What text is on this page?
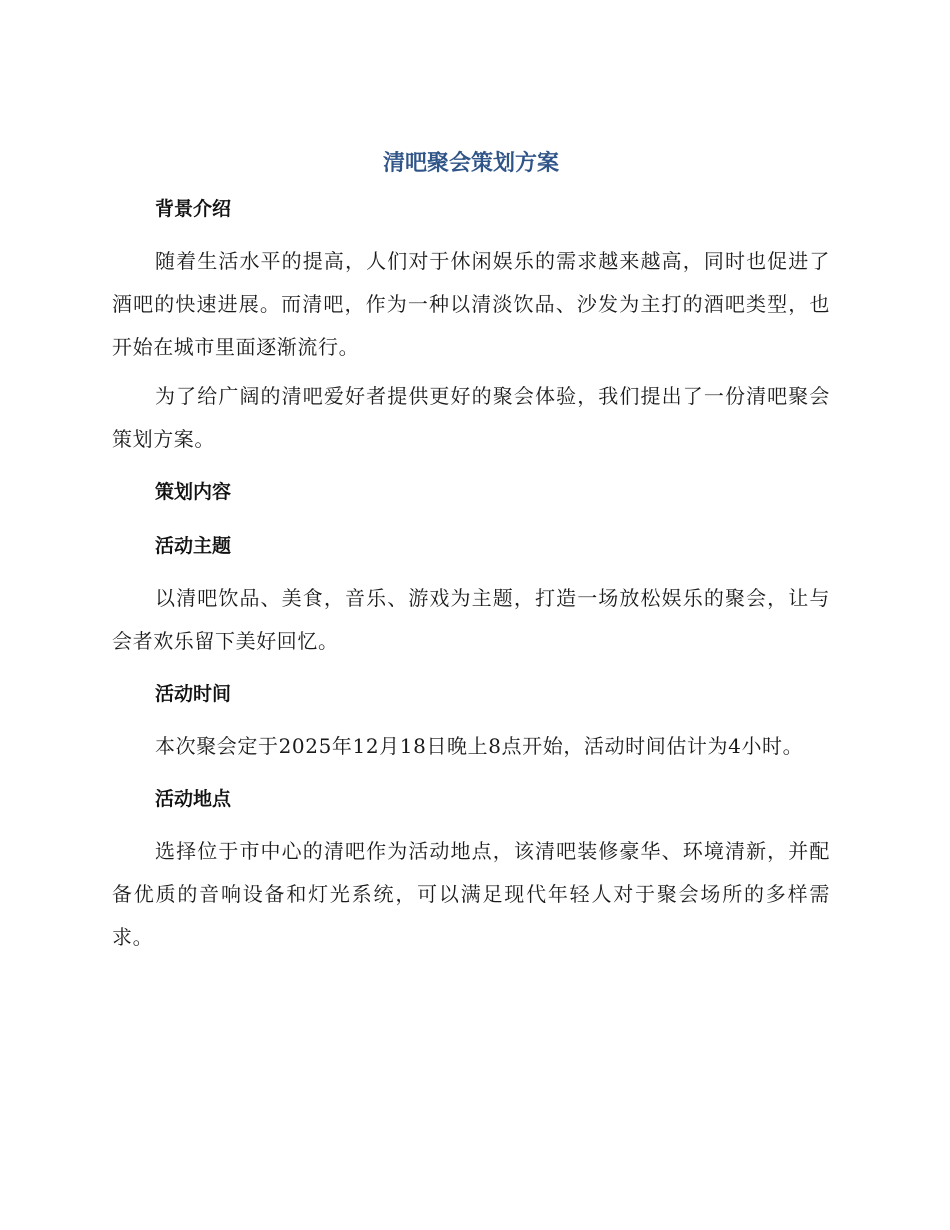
清吧聚会策划方案
背景介绍

随着生活水平的提高，人们对于休闲娱乐的需求越来越高，同时也促进了酒吧的快速进展。而清吧，作为一种以清淡饮品、沙发为主打的酒吧类型，也开始在城市里面逐渐流行。

为了给广阔的清吧爱好者提供更好的聚会体验，我们提出了一份清吧聚会策划方案。

策划内容
活动主题

以清吧饮品、美食，音乐、游戏为主题，打造一场放松娱乐的聚会，让与会者欢乐留下美好回忆。

活动时间

本次聚会定于2025年12月18日晚上8点开始，活动时间估计为4小时。

活动地点

选择位于市中心的清吧作为活动地点，该清吧装修豪华、环境清新，并配备优质的音响设备和灯光系统，可以满足现代年轻人对于聚会场所的多样需求。
